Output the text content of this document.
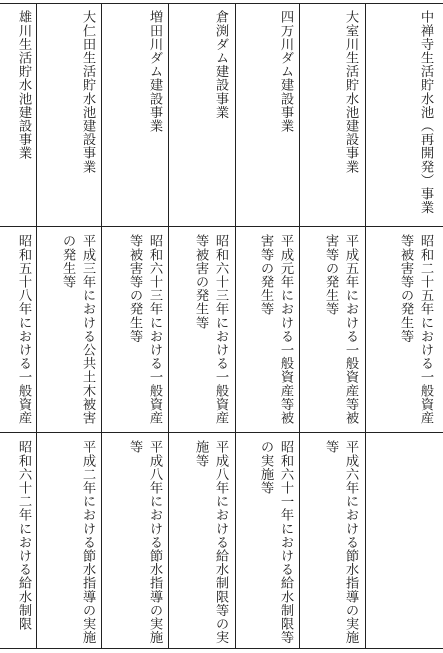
中禅寺生活貯水池（再開発）事業
昭和二十五年における一般資産等被害等の発生等
大室川生活貯水池建設事業
平成五年における一般資産等被害等の発生等
平成六年における節水指導の実施等
四万川ダム建設事業
平成元年における一般資産等被害等の発生等
昭和六十一年における給水制限等の実施等
倉渕ダム建設事業
昭和六十三年における一般資産等被害の発生等
平成八年における給水制限等の実施等
増田川ダム建設事業
昭和六十三年における一般資産等被害等の発生等
平成八年における節水指導の実施等
大仁田生活貯水池建設事業
平成三年における公共土木被害の発生等
平成二年における節水指導の実施
雄川生活貯水池建設事業
昭和五十八年における一般資産
昭和六十二年における給水制限
